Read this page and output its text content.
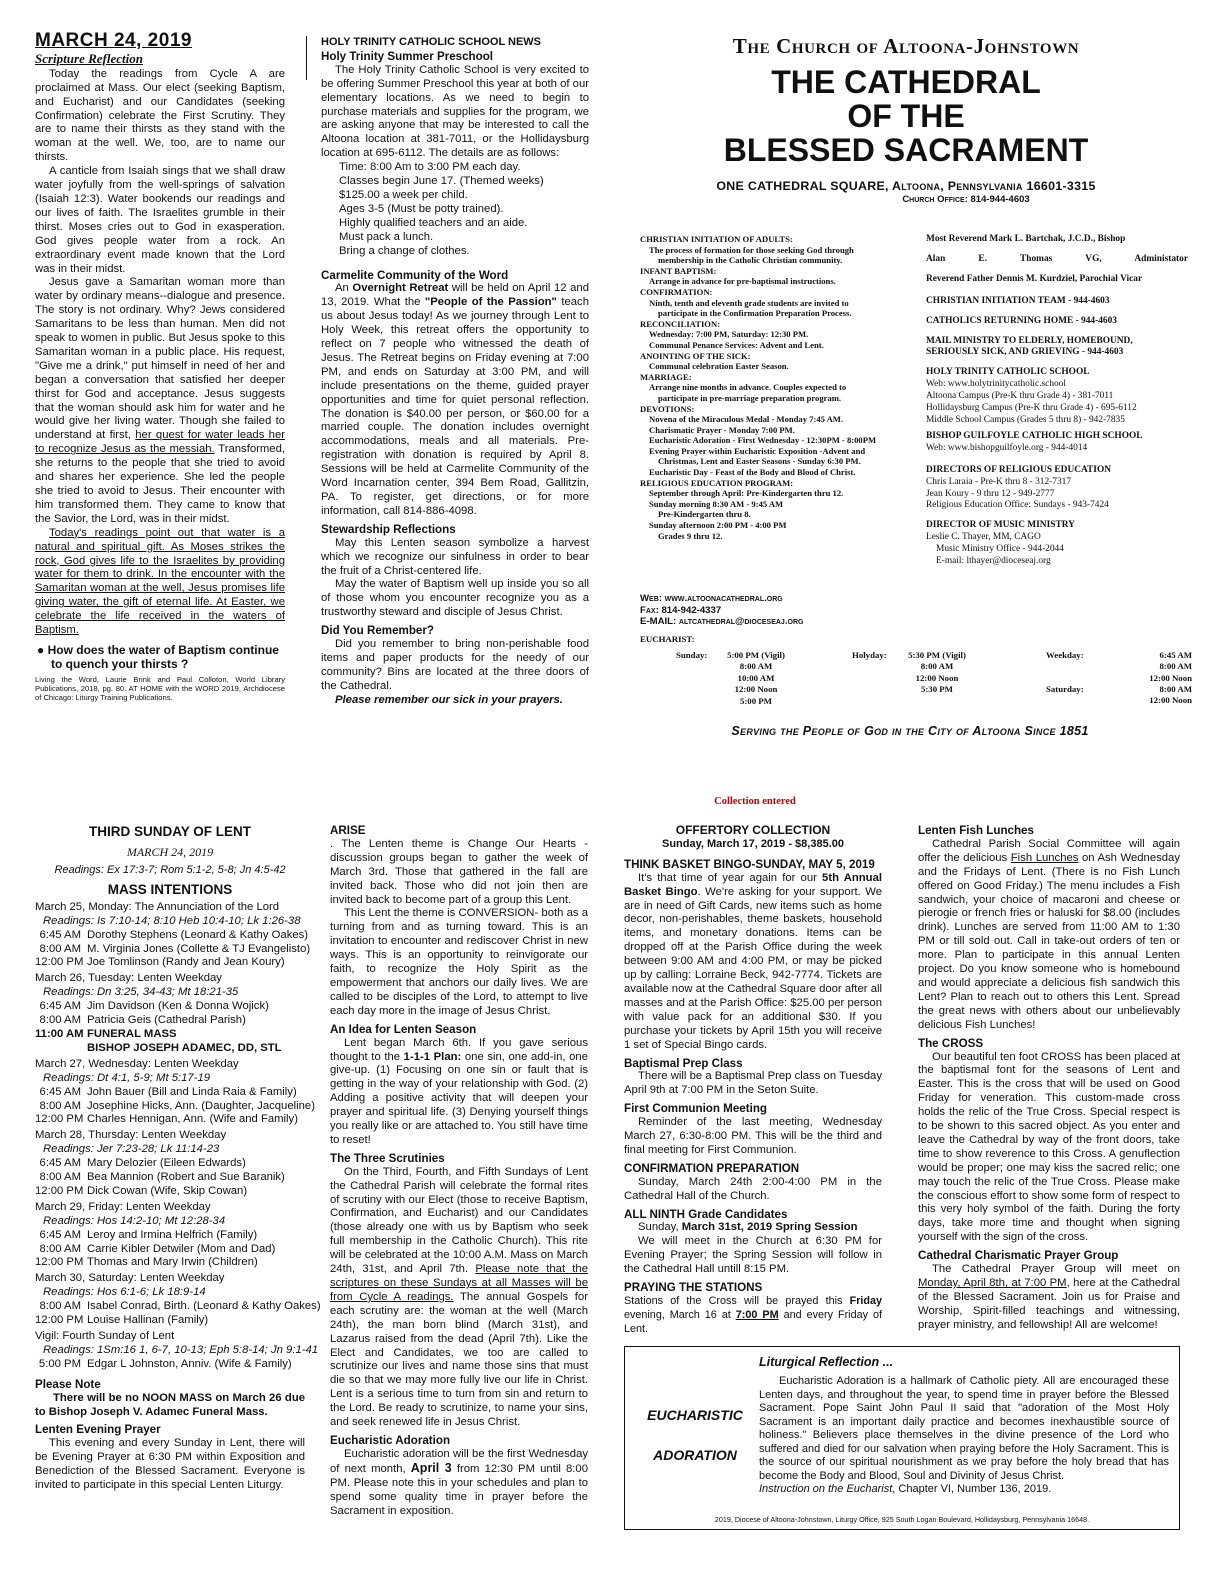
MARCH 24, 2019
Scripture Reflection

Today the readings from Cycle A are proclaimed at Mass. Our elect (seeking Baptism, and Eucharist) and our Candidates (seeking Confirmation) celebrate the First Scrutiny. They are to name their thirsts as they stand with the woman at the well. We, too, are to name our thirsts.

A canticle from Isaiah sings that we shall draw water joyfully from the well-springs of salvation (Isaiah 12:3). Water bookends our readings and our lives of faith. The Israelites grumble in their thirst. Moses cries out to God in exasperation. God gives people water from a rock. An extraordinary event made known that the Lord was in their midst.

Jesus gave a Samaritan woman more than water by ordinary means--dialogue and presence. The story is not ordinary. Why? Jews considered Samaritans to be less than human. Men did not speak to women in public. But Jesus spoke to this Samaritan woman in a public place. His request, "Give me a drink," put himself in need of her and began a conversation that satisfied her deeper thirst for God and acceptance. Jesus suggests that the woman should ask him for water and he would give her living water. Though she failed to understand at first, her quest for water leads her to recognize Jesus as the messiah. Transformed, she returns to the people that she tried to avoid and shares her experience. She led the people she tried to avoid to Jesus. Their encounter with him transformed them. They came to know that the Savior, the Lord, was in their midst.

Today's readings point out that water is a natural and spiritual gift. As Moses strikes the rock, God gives life to the Israelites by providing water for them to drink. In the encounter with the Samaritan woman at the well, Jesus promises life giving water, the gift of eternal life. At Easter, we celebrate the life received in the waters of Baptism.

● How does the water of Baptism continue to quench your thirsts ?

Living the Word, Laurie Brink and Paul Colloton, World Library Publications, 2018, pg. 80. AT HOME with the WORD 2019, Archdiocese of Chicago: Liturgy Training Publications.

HOLY TRINITY CATHOLIC SCHOOL NEWS

Holy Trinity Summer Preschool

The Holy Trinity Catholic School is very excited to be offering Summer Preschool this year at both of our elementary locations. As we need to begin to purchase materials and supplies for the program, we are asking anyone that may be interested to call the Altoona location at 381-7011, or the Hollidaysburg location at 695-6112. The details are as follows:

Time: 8:00 Am to 3:00 PM each day.

Classes begin June 17. (Themed weeks)

$125.00 a week per child.

Ages 3-5 (Must be potty trained).

Highly qualified teachers and an aide.

Must pack a lunch.

Bring a change of clothes.

Carmelite Community of the Word

An Overnight Retreat will be held on April 12 and 13, 2019. What the "People of the Passion" teach us about Jesus today! As we journey through Lent to Holy Week, this retreat offers the opportunity to reflect on 7 people who witnessed the death of Jesus. The Retreat begins on Friday evening at 7:00 PM, and ends on Saturday at 3:00 PM, and will include presentations on the theme, guided prayer opportunities and time for quiet personal reflection. The donation is $40.00 per person, or $60.00 for a married couple. The donation includes overnight accommodations, meals and all materials. Pre-registration with donation is required by April 8. Sessions will be held at Carmelite Community of the Word Incarnation center, 394 Bem Road, Gallitzin, PA. To register, get directions, or for more information, call 814-886-4098.

Stewardship Reflections

May this Lenten season symbolize a harvest which we recognize our sinfulness in order to bear the fruit of a Christ-centered life.

May the water of Baptism well up inside you so all of those whom you encounter recognize you as a trustworthy steward and disciple of Jesus Christ.

Did You Remember?

Did you remember to bring non-perishable food items and paper products for the needy of our community? Bins are located at the three doors of the Cathedral.

Please remember our sick in your prayers.

The Church of Altoona-Johnstown
THE CATHEDRAL
OF THE
BLESSED SACRAMENT
ONE CATHEDRAL SQUARE, Altoona, Pennsylvania 16601-3315
Church Office: 814-944-4603
CHRISTIAN INITIATION OF ADULTS:
The process of formation for those seeking God through
membership in the Catholic Christian community.
INFANT BAPTISM:
Arrange in advance for pre-baptismal instructions.
CONFIRMATION:
Ninth, tenth and eleventh grade students are invited to
participate in the Confirmation Preparation Process.
RECONCILIATION:
Wednesday: 7:00 PM, Saturday: 12:30 PM.
Communal Penance Services: Advent and Lent.
ANOINTING OF THE SICK:
Communal celebration Easter Season.
MARRIAGE:
Arrange nine months in advance. Couples expected to
participate in pre-marriage preparation program.
DEVOTIONS:
Novena of the Miraculous Medal - Monday 7:45 AM.
Charismatic Prayer - Monday 7:00 PM.
Eucharistic Adoration - First Wednesday - 12:30PM - 8:00PM
Evening Prayer within Eucharistic Exposition -Advent and
Christmas, Lent and Easter Seasons - Sunday 6:30 PM.
Eucharistic Day - Feast of the Body and Blood of Christ.
RELIGIOUS EDUCATION PROGRAM:
September through April: Pre-Kindergarten thru 12.
Sunday morning 8:30 AM - 9:45 AM
Pre-Kindergarten thru 8.
Sunday afternoon 2:00 PM - 4:00 PM
Grades 9 thru 12.
Web: www.altoonacathedral.org
Fax: 814-942-4337
E-MAIL: altcathedral@dioceseaj.org
Most Reverend Mark L. Bartchak, J.C.D., Bishop
Alan E. Thomas VG, Administator
Reverend Father Dennis M. Kurdziel, Parochial Vicar
CHRISTIAN INITIATION TEAM - 944-4603
CATHOLICS RETURNING HOME - 944-4603
MAIL MINISTRY TO ELDERLY, HOMEBOUND,
SERIOUSLY SICK, AND GRIEVING - 944-4603
HOLY TRINITY CATHOLIC SCHOOL
Web: www.holytrinitycatholic.school
Altoona Campus (Pre-K thru Grade 4) - 381-7011
Hollidaysburg Campus (Pre-K thru Grade 4) - 695-6112
Middle School Campus (Grades 5 thru 8) - 942-7835
BISHOP GUILFOYLE CATHOLIC HIGH SCHOOL
Web: www.bishopguilfoyle.org - 944-4014
DIRECTORS OF RELIGIOUS EDUCATION
Chris Laraia - Pre-K thru 8 - 312-7317
Jean Koury - 9 thru 12 - 949-2777
Religious Education Office: Sundays - 943-7424
DIRECTOR OF MUSIC MINISTRY
Leslie C. Thayer, MM, CAGO
Music Ministry Office - 944-2044
E-mail: lthayer@dioceseaj.org
EUCHARIST:
Sunday:	5:00 PM (Vigil)
8:00 AM
10:00 AM
12:00 Noon
5:00 PM
Holyday:	5:30 PM (Vigil)
8:00 AM
12:00 Noon
5:30 PM
Weekday:	6:45 AM
8:00 AM
12:00 Noon
Saturday:	8:00 AM
12:00 Noon
Serving the People of God in the City of Altoona Since 1851
Collection entered
THIRD SUNDAY OF LENT
MARCH 24, 2019
Readings: Ex 17:3-7; Rom 5:1-2, 5-8; Jn 4:5-42
MASS INTENTIONS

March 25, Monday: The Annunciation of the Lord

Readings: Is 7:10-14; 8:10 Heb 10:4-10; Lk 1:26-38

6:45 AM Dorothy Stephens (Leonard & Kathy Oakes)

8:00 AM M. Virginia Jones (Collette & TJ Evangelisto)

12:00 PM Joe Tomlinson (Randy and Jean Koury)

March 26, Tuesday: Lenten Weekday

Readings: Dn 3:25, 34-43; Mt 18:21-35

6:45 AM Jim Davidson (Ken & Donna Wojick)

8:00 AM Patricia Geis (Cathedral Parish)

11:00 AM FUNERAL MASS

BISHOP JOSEPH ADAMEC, DD, STL

March 27, Wednesday: Lenten Weekday

Readings: Dt 4:1, 5-9; Mt 5:17-19

6:45 AM John Bauer (Bill and Linda Raia & Family)

8:00 AM Josephine Hicks, Ann. (Daughter, Jacqueline)

12:00 PM Charles Hennigan, Ann. (Wife and Family)

March 28, Thursday: Lenten Weekday

Readings: Jer 7:23-28; Lk 11:14-23

6:45 AM Mary Delozier (Eileen Edwards)

8:00 AM Bea Mannion (Robert and Sue Baranik)

12:00 PM Dick Cowan (Wife, Skip Cowan)

March 29, Friday: Lenten Weekday

Readings: Hos 14:2-10; Mt 12:28-34

6:45 AM Leroy and Irmina Helfrich (Family)

8:00 AM Carrie Kibler Detwiler (Mom and Dad)

12:00 PM Thomas and Mary Irwin (Children)

March 30, Saturday: Lenten Weekday

Readings: Hos 6:1-6; Lk 18:9-14

8:00 AM Isabel Conrad, Birth. (Leonard & Kathy Oakes)

12:00 PM Louise Hallinan (Family)

Vigil: Fourth Sunday of Lent

Readings: 1Sm:16 1, 6-7, 10-13; Eph 5:8-14; Jn 9:1-41

5:00 PM Edgar L Johnston, Anniv. (Wife & Family)

Please Note

There will be no NOON MASS on March 26 due to Bishop Joseph V. Adamec Funeral Mass.

Lenten Evening Prayer

This evening and every Sunday in Lent, there will be Evening Prayer at 6:30 PM within Exposition and Benediction of the Blessed Sacrament. Everyone is invited to participate in this special Lenten Liturgy.

ARISE

. The Lenten theme is Change Our Hearts - discussion groups began to gather the week of March 3rd. Those that gathered in the fall are invited back. Those who did not join then are invited back to become part of a group this Lent.

This Lent the theme is CONVERSION- both as a turning from and as turning toward. This is an invitation to encounter and rediscover Christ in new ways. This is an opportunity to reinvigorate our faith, to recognize the Holy Spirit as the empowerment that anchors our daily lives. We are called to be disciples of the Lord, to attempt to live each day more in the image of Jesus Christ.

An Idea for Lenten Season

Lent began March 6th. If you gave serious thought to the 1-1-1 Plan: one sin, one add-in, one give-up. (1) Focusing on one sin or fault that is getting in the way of your relationship with God. (2) Adding a positive activity that will deepen your prayer and spiritual life. (3) Denying yourself things you really like or are attached to. You still have time to reset!

The Three Scrutinies

On the Third, Fourth, and Fifth Sundays of Lent the Cathedral Parish will celebrate the formal rites of scrutiny with our Elect (those to receive Baptism, Confirmation, and Eucharist) and our Candidates (those already one with us by Baptism who seek full membership in the Catholic Church). This rite will be celebrated at the 10:00 A.M. Mass on March 24th, 31st, and April 7th. Please note that the scriptures on these Sundays at all Masses will be from Cycle A readings. The annual Gospels for each scrutiny are: the woman at the well (March 24th), the man born blind (March 31st), and Lazarus raised from the dead (April 7th). Like the Elect and Candidates, we too are called to scrutinize our lives and name those sins that must die so that we may more fully live our life in Christ. Lent is a serious time to turn from sin and return to the Lord. Be ready to scrutinize, to name your sins, and seek renewed life in Jesus Christ.

Eucharistic Adoration

Eucharistic adoration will be the first Wednesday of next month, April 3 from 12:30 PM until 8:00 PM. Please note this in your schedules and plan to spend some quality time in prayer before the Sacrament in exposition.

OFFERTORY COLLECTION
Sunday, March 17, 2019 - $8,385.00

THINK BASKET BINGO-SUNDAY, MAY 5, 2019

It's that time of year again for our 5th Annual Basket Bingo. We're asking for your support. We are in need of Gift Cards, new items such as home decor, non-perishables, theme baskets, household items, and monetary donations. Items can be dropped off at the Parish Office during the week between 9:00 AM and 4:00 PM, or may be picked up by calling: Lorraine Beck, 942-7774. Tickets are available now at the Cathedral Square door after all masses and at the Parish Office: $25.00 per person with value pack for an additional $30. If you purchase your tickets by April 15th you will receive 1 set of Special Bingo cards.

Baptismal Prep Class

There will be a Baptismal Prep class on Tuesday April 9th at 7:00 PM in the Seton Suite.

First Communion Meeting

Reminder of the last meeting, Wednesday March 27, 6:30-8:00 PM. This will be the third and final meeting for First Communion.

CONFIRMATION PREPARATION

Sunday, March 24th 2:00-4:00 PM in the Cathedral Hall of the Church.

ALL NINTH Grade Candidates

Sunday, March 31st, 2019 Spring Session

We will meet in the Church at 6:30 PM for Evening Prayer; the Spring Session will follow in the Cathedral Hall untill 8:15 PM.

PRAYING THE STATIONS

Stations of the Cross will be prayed this Friday evening, March 16 at 7:00 PM and every Friday of Lent.

Lenten Fish Lunches

Cathedral Parish Social Committee will again offer the delicious Fish Lunches on Ash Wednesday and the Fridays of Lent. (There is no Fish Lunch offered on Good Friday.) The menu includes a Fish sandwich, your choice of macaroni and cheese or pierogie or french fries or haluski for $8.00 (includes drink). Lunches are served from 11:00 AM to 1:30 PM or till sold out. Call in take-out orders of ten or more. Plan to participate in this annual Lenten project. Do you know someone who is homebound and would appreciate a delicious fish sandwich this Lent? Plan to reach out to others this Lent. Spread the great news with others about our unbelievably delicious Fish Lunches!

The CROSS

Our beautiful ten foot CROSS has been placed at the baptismal font for the seasons of Lent and Easter. This is the cross that will be used on Good Friday for veneration. This custom-made cross holds the relic of the True Cross. Special respect is to be shown to this sacred object. As you enter and leave the Cathedral by way of the front doors, take time to show reverence to this Cross. A genuflection would be proper; one may kiss the sacred relic; one may touch the relic of the True Cross. Please make the conscious effort to show some form of respect to this very holy symbol of the faith. During the forty days, take more time and thought when signing yourself with the sign of the cross.

Cathedral Charismatic Prayer Group

The Cathedral Prayer Group will meet on Monday, April 8th, at 7:00 PM, here at the Cathedral of the Blessed Sacrament. Join us for Praise and Worship, Spirit-filled teachings and witnessing, prayer ministry, and fellowship! All are welcome!

Liturgical Reflection ...
EUCHARISTIC
ADORATION

Eucharistic Adoration is a hallmark of Catholic piety. All are encouraged these Lenten days, and throughout the year, to spend time in prayer before the Blessed Sacrament. Pope Saint John Paul II said that "adoration of the Most Holy Sacrament is an important daily practice and becomes inexhaustible source of holiness." Believers place themselves in the divine presence of the Lord who suffered and died for our salvation when praying before the Holy Sacrament. This is the source of our spiritual nourishment as we pray before the holy bread that has become the Body and Blood, Soul and Divinity of Jesus Christ.

Instruction on the Eucharist, Chapter VI, Number 136, 2019.

2019, Diocese of Altoona-Johnstown, Liturgy Office, 925 South Logan Boulevard, Hollidaysburg, Pennsylvania 16648.
